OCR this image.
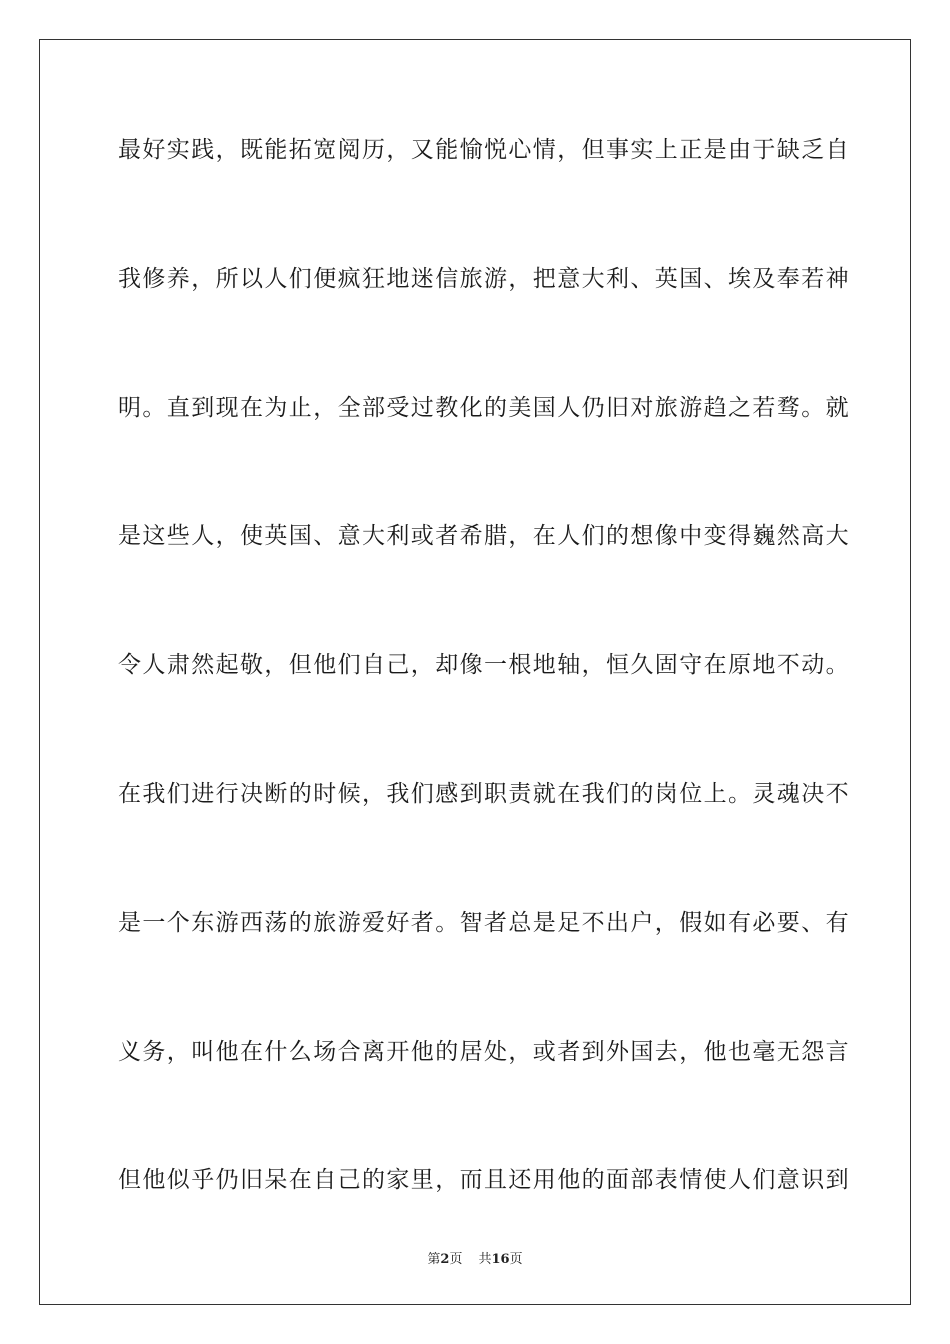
最好实践，既能拓宽阅历，又能愉悦心情，但事实上正是由于缺乏自
我修养，所以人们便疯狂地迷信旅游，把意大利、英国、埃及奉若神
明。直到现在为止，全部受过教化的美国人仍旧对旅游趋之若骛。就
是这些人，使英国、意大利或者希腊，在人们的想像中变得巍然高大
令人肃然起敬，但他们自己，却像一根地轴，恒久固守在原地不动。
在我们进行决断的时候，我们感到职责就在我们的岗位上。灵魂决不
是一个东游西荡的旅游爱好者。智者总是足不出户，假如有必要、有
义务，叫他在什么场合离开他的居处，或者到外国去，他也毫无怨言
但他似乎仍旧呆在自己的家里，而且还用他的面部表情使人们意识到
第2页 共16页
